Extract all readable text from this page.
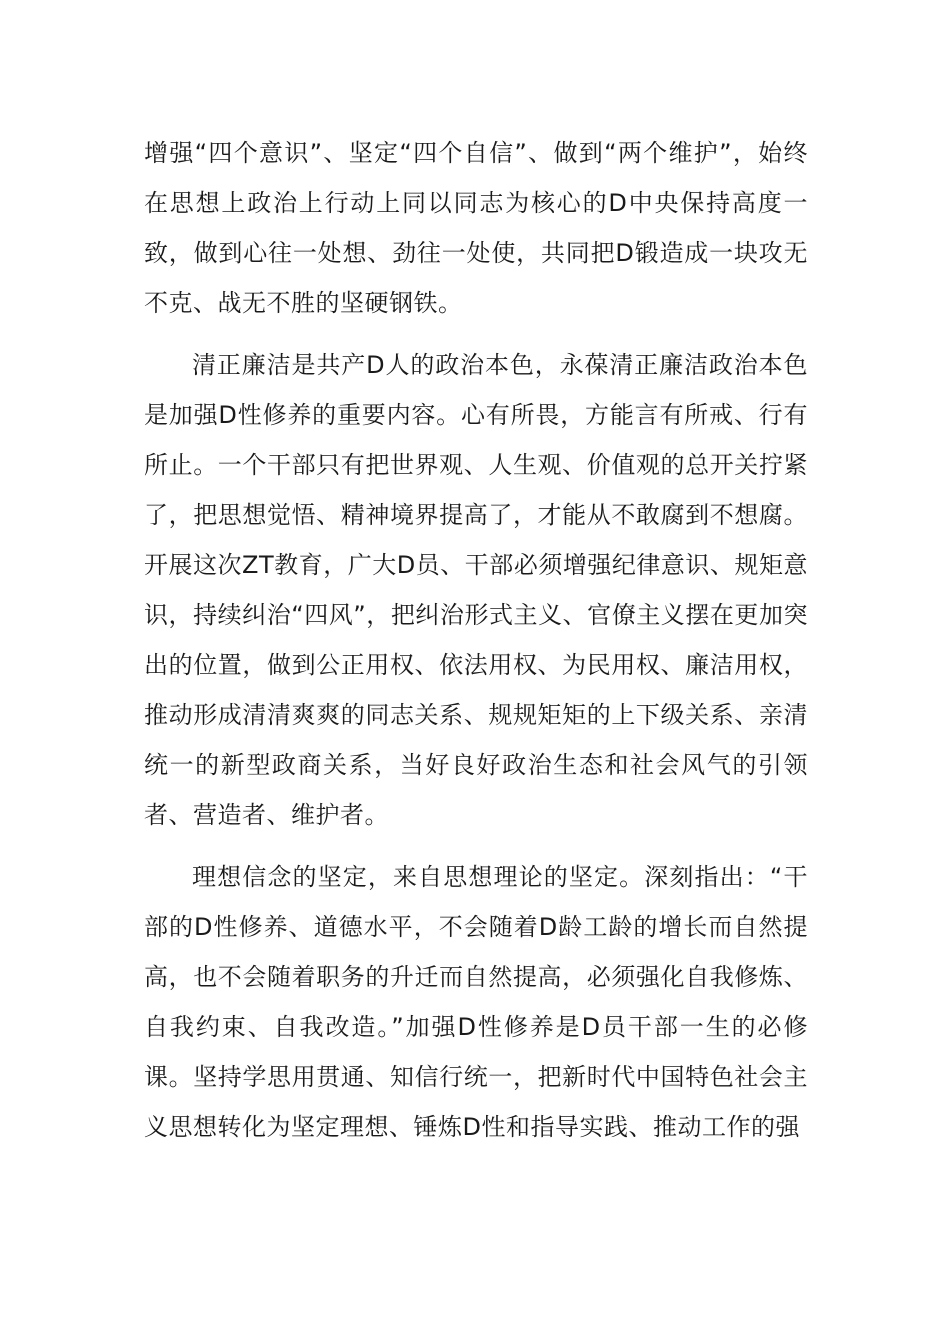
增强“四个意识”、坚定“四个自信”、做到“两个维护”，始终在思想上政治上行动上同以同志为核心的D中央保持高度一致，做到心往一处想、劲往一处使，共同把D锻造成一块攻无不克、战无不胜的坚硬钢铁。

清正廉洁是共产D人的政治本色，永葆清正廉洁政治本色是加强D性修养的重要内容。心有所畏，方能言有所戒、行有所止。一个干部只有把世界观、人生观、价值观的总开关拧紧了，把思想觉悟、精神境界提高了，才能从不敢腐到不想腐。开展这次ZT教育，广大D员、干部必须增强纪律意识、规矩意识，持续纠治“四风”，把纠治形式主义、官僚主义摆在更加突出的位置，做到公正用权、依法用权、为民用权、廉洁用权，推动形成清清爽爽的同志关系、规规矩矩的上下级关系、亲清统一的新型政商关系，当好良好政治生态和社会风气的引领者、营造者、维护者。

理想信念的坚定，来自思想理论的坚定。深刻指出：“干部的D性修养、道德水平，不会随着D龄工龄的增长而自然提高，也不会随着职务的升迁而自然提高，必须强化自我修炼、自我约束、自我改造。”加强D性修养是D员干部一生的必修课。坚持学思用贯通、知信行统一，把新时代中国特色社会主义思想转化为坚定理想、锤炼D性和指导实践、推动工作的强
